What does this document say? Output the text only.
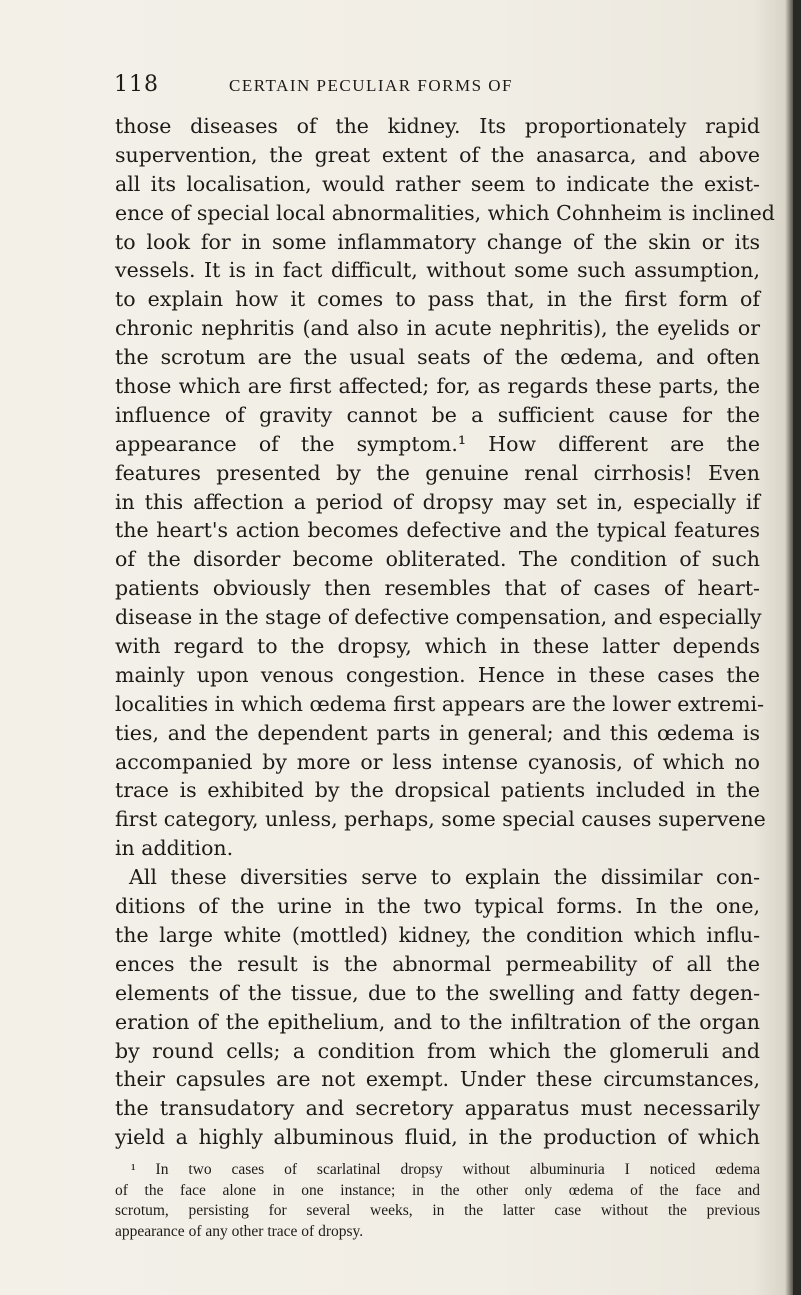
118	CERTAIN PECULIAR FORMS OF
those diseases of the kidney. Its proportionately rapid
supervention, the great extent of the anasarca, and above
all its localisation, would rather seem to indicate the exist-
ence of special local abnormalities, which Cohnheim is inclined
to look for in some inflammatory change of the skin or its
vessels. It is in fact difficult, without some such assumption,
to explain how it comes to pass that, in the first form of
chronic nephritis (and also in acute nephritis), the eyelids or
the scrotum are the usual seats of the œdema, and often
those which are first affected; for, as regards these parts, the
influence of gravity cannot be a sufficient cause for the
appearance of the symptom.¹ How different are the
features presented by the genuine renal cirrhosis! Even
in this affection a period of dropsy may set in, especially if
the heart's action becomes defective and the typical features
of the disorder become obliterated. The condition of such
patients obviously then resembles that of cases of heart-
disease in the stage of defective compensation, and especially
with regard to the dropsy, which in these latter depends
mainly upon venous congestion. Hence in these cases the
localities in which œdema first appears are the lower extremi-
ties, and the dependent parts in general; and this œdema is
accompanied by more or less intense cyanosis, of which no
trace is exhibited by the dropsical patients included in the
first category, unless, perhaps, some special causes supervene
in addition.
All these diversities serve to explain the dissimilar con-
ditions of the urine in the two typical forms. In the one,
the large white (mottled) kidney, the condition which influ-
ences the result is the abnormal permeability of all the
elements of the tissue, due to the swelling and fatty degen-
eration of the epithelium, and to the infiltration of the organ
by round cells; a condition from which the glomeruli and
their capsules are not exempt. Under these circumstances,
the transudatory and secretory apparatus must necessarily
yield a highly albuminous fluid, in the production of which
¹ In two cases of scarlatinal dropsy without albuminuria I noticed œdema
of the face alone in one instance; in the other only œdema of the face and
scrotum, persisting for several weeks, in the latter case without the previous
appearance of any other trace of dropsy.
